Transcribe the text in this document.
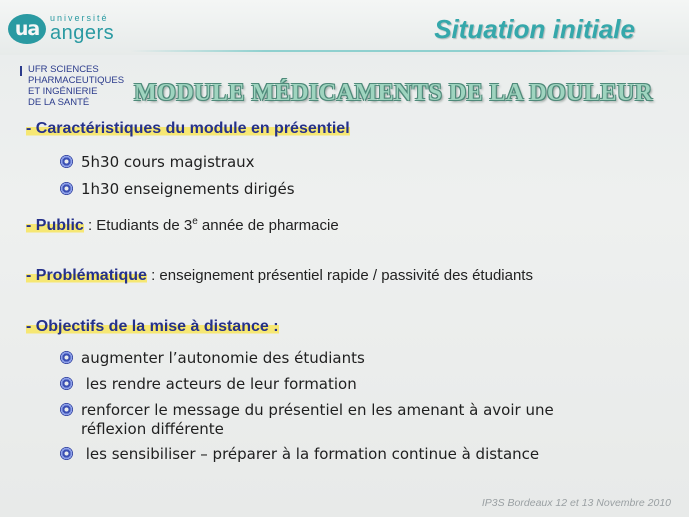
ua	université
angers
UFR SCIENCES
PHARMACEUTIQUES
ET INGÉNIERIE
DE LA SANTÉ
Situation initiale
MODULE MÉDICAMENTS DE LA DOULEUR
- Caractéristiques du module en présentiel
5h30 cours magistraux
1h30 enseignements dirigés
- Public : Etudiants de 3e année de pharmacie
- Problématique : enseignement présentiel rapide / passivité des étudiants
- Objectifs de la mise à distance :
augmenter l’autonomie des étudiants
les rendre acteurs de leur formation
renforcer le message du présentiel en les amenant à avoir une
réflexion différente
les sensibiliser – préparer à la formation continue à distance
IP3S Bordeaux 12 et 13 Novembre 2010
